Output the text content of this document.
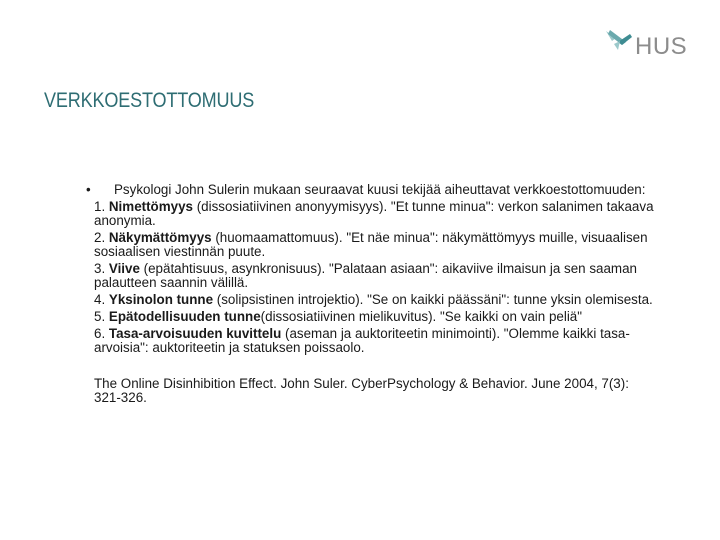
HUS
VERKKOESTOTTOMUUS
• Psykologi John Sulerin mukaan seuraavat kuusi tekijää aiheuttavat verkkoestottomuuden:
1. Nimettömyys (dissosiatiivinen anonyymisyys). "Et tunne minua": verkon salanimen takaava anonymia.
2. Näkymättömyys (huomaamattomuus). "Et näe minua": näkymättömyys muille, visuaalisen sosiaalisen viestinnän puute.
3. Viive (epätahtisuus, asynkronisuus). "Palataan asiaan": aikaviive ilmaisun ja sen saaman palautteen saannin välillä.
4. Yksinolon tunne (solipsistinen introjektio). "Se on kaikki päässäni": tunne yksin olemisesta.
5. Epätodellisuuden tunne(dissosiatiivinen mielikuvitus). "Se kaikki on vain peliä"
6. Tasa-arvoisuuden kuvittelu (aseman ja auktoriteetin minimointi). "Olemme kaikki tasa-arvoisia": auktoriteetin ja statuksen poissaolo.
The Online Disinhibition Effect. John Suler. CyberPsychology & Behavior. June 2004, 7(3): 321-326.
